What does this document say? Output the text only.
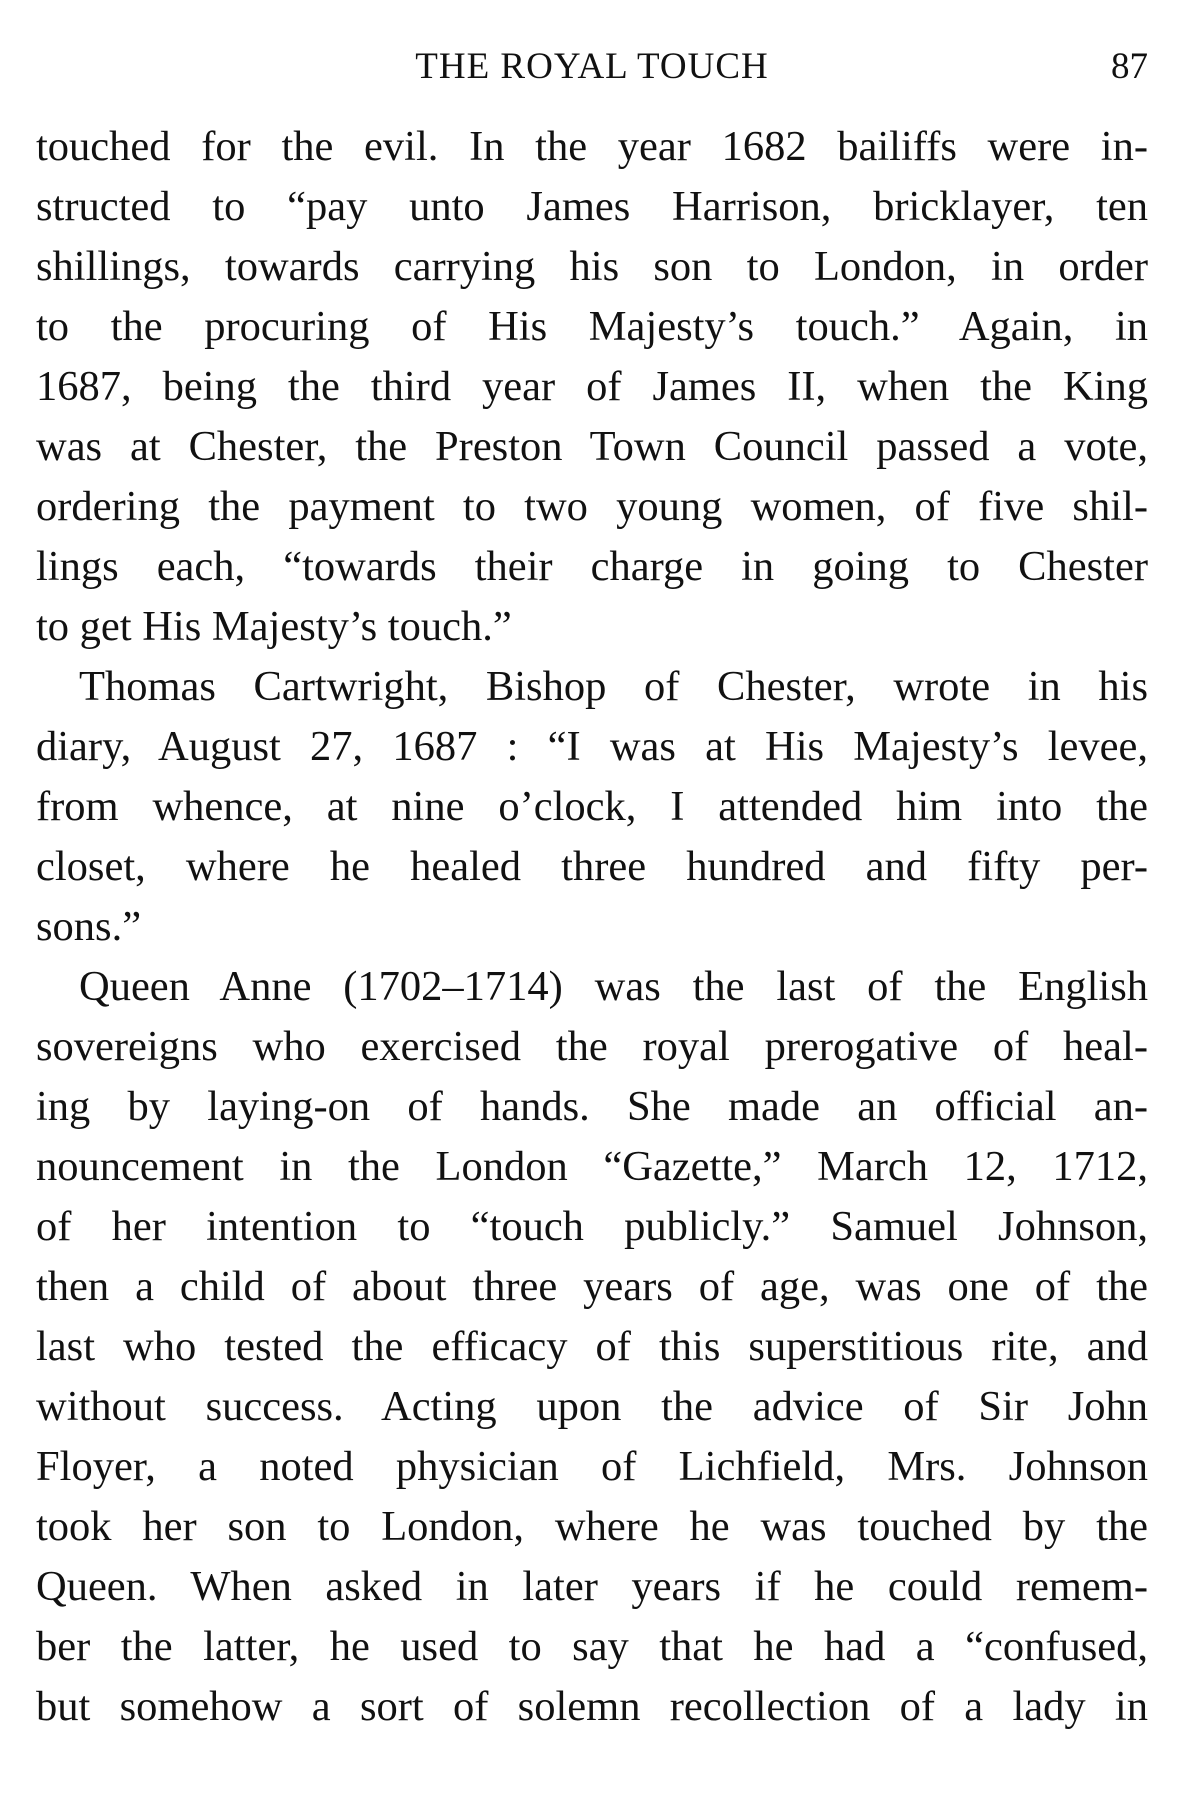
THE ROYAL TOUCH	87
touched for the evil. In the year 1682 bailiffs were in-
structed to “pay unto James Harrison, bricklayer, ten
shillings, towards carrying his son to London, in order
to the procuring of His Majesty’s touch.” Again, in
1687, being the third year of James II, when the King
was at Chester, the Preston Town Council passed a vote,
ordering the payment to two young women, of five shil-
lings each, “towards their charge in going to Chester
to get His Majesty’s touch.”
Thomas Cartwright, Bishop of Chester, wrote in his
diary, August 27, 1687 : “I was at His Majesty’s levee,
from whence, at nine o’clock, I attended him into the
closet, where he healed three hundred and fifty per-
sons.”
Queen Anne (1702–1714) was the last of the English
sovereigns who exercised the royal prerogative of heal-
ing by laying-on of hands. She made an official an-
nouncement in the London “Gazette,” March 12, 1712,
of her intention to “touch publicly.” Samuel Johnson,
then a child of about three years of age, was one of the
last who tested the efficacy of this superstitious rite, and
without success. Acting upon the advice of Sir John
Floyer, a noted physician of Lichfield, Mrs. Johnson
took her son to London, where he was touched by the
Queen. When asked in later years if he could remem-
ber the latter, he used to say that he had a “confused,
but somehow a sort of solemn recollection of a lady in
